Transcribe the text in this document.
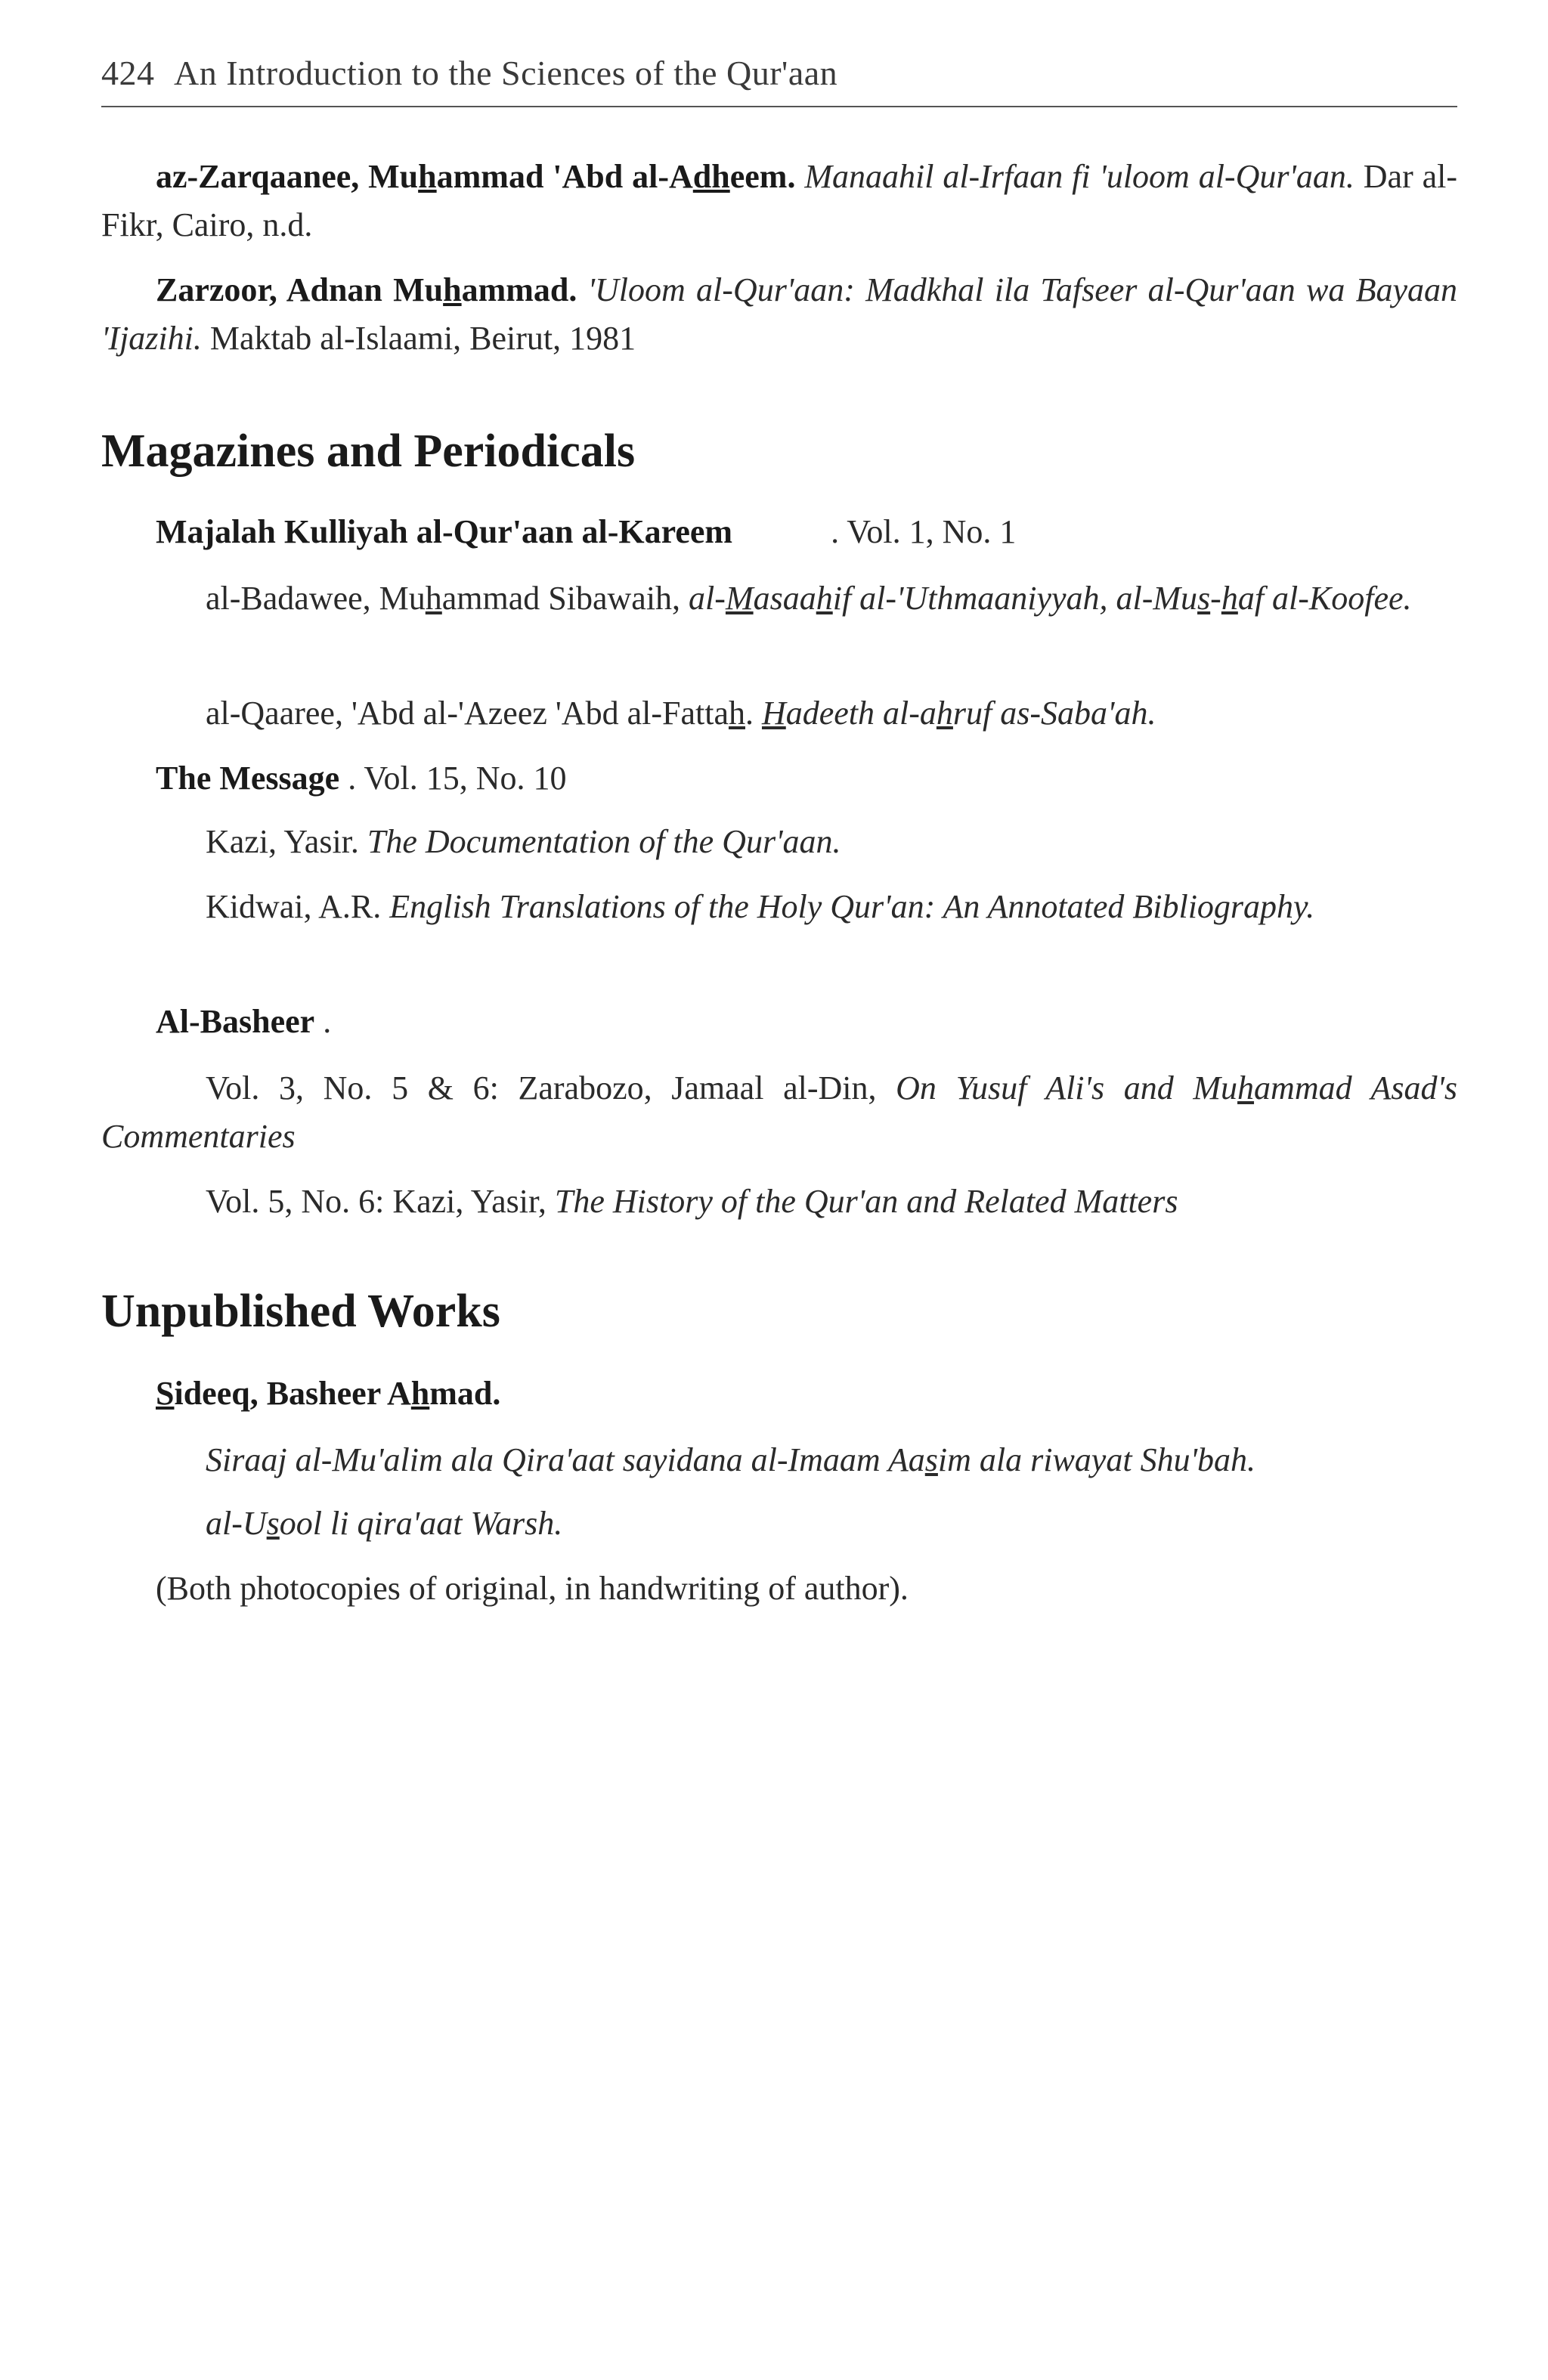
424 An Introduction to the Sciences of the Qur'aan
az-Zarqaanee, Muhammad 'Abd al-Adheem. Manaahil al-Irfaan fi 'uloom al-Qur'aan. Dar al-Fikr, Cairo, n.d.
Zarzoor, Adnan Muhammad. 'Uloom al-Qur'aan: Madkhal ila Tafseer al-Qur'aan wa Bayaan 'Ijazihi. Maktab al-Islaami, Beirut, 1981
Magazines and Periodicals
Majalah Kulliyah al-Qur'aan al-Kareem	. Vol. 1, No. 1
al-Badawee, Muhammad Sibawaih, al-Masaahif al-'Uthmaaniyyah, al-Mus-haf al-Koofee.
al-Qaaree, 'Abd al-'Azeez 'Abd al-Fattah. Hadeeth al-ahruf as-Saba'ah.
The Message . Vol. 15, No. 10
Kazi, Yasir. The Documentation of the Qur'aan.
Kidwai, A.R. English Translations of the Holy Qur'an: An Annotated Bibliography.
Al-Basheer .
Vol. 3, No. 5 & 6: Zarabozo, Jamaal al-Din, On Yusuf Ali's and Muhammad Asad's Commentaries
Vol. 5, No. 6: Kazi, Yasir, The History of the Qur'an and Related Matters
Unpublished Works
Sideeq, Basheer Ahmad.
Siraaj al-Mu'alim ala Qira'aat sayidana al-Imaam Aasim ala riwayat Shu'bah.
al-Usool li qira'aat Warsh.
(Both photocopies of original, in handwriting of author).
